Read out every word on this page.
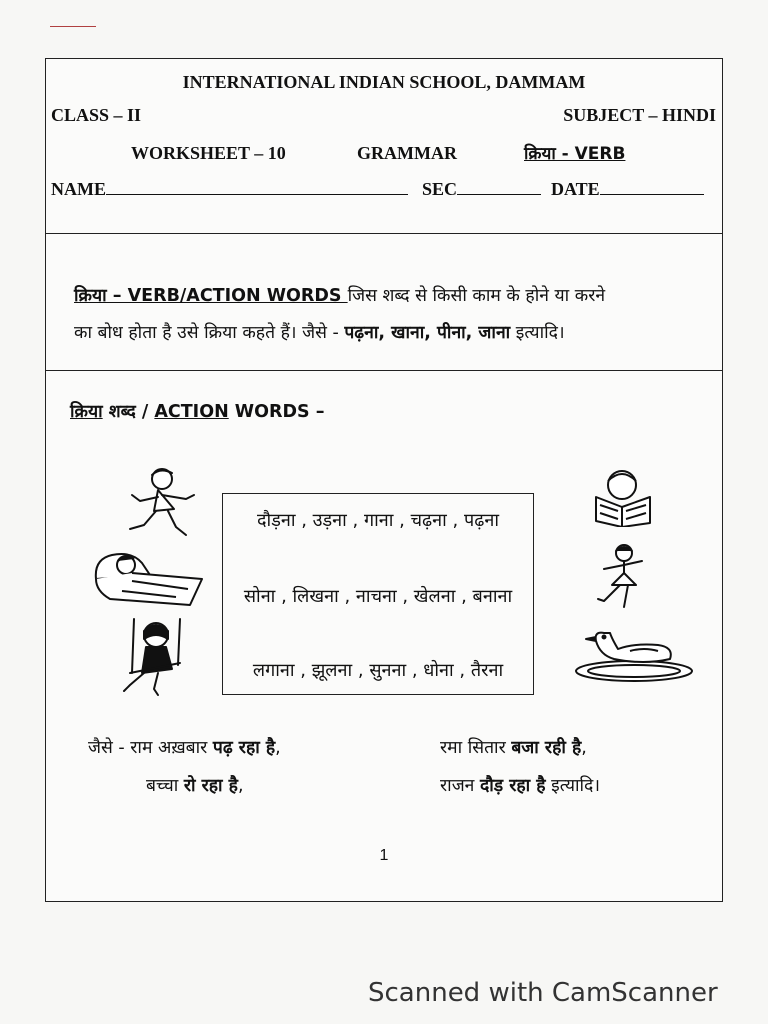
INTERNATIONAL INDIAN SCHOOL, DAMMAM
CLASS – II	SUBJECT – HINDI
WORKSHEET – 10	GRAMMAR	क्रिया - VERB
NAME	SEC	DATE
क्रिया – VERB/ACTION WORDS जिस शब्द से किसी काम के होने या करने
का बोध होता है उसे क्रिया कहते हैं। जैसे - पढ़ना, खाना, पीना, जाना इत्यादि।
क्रिया शब्द / ACTION WORDS –
दौड़ना , उड़ना , गाना , चढ़ना , पढ़ना
सोना , लिखना , नाचना , खेलना , बनाना
लगाना , झूलना , सुनना , धोना , तैरना
जैसे - राम अख़बार पढ़ रहा है,
बच्चा रो रहा है,
रमा सितार बजा रही है,
राजन दौड़ रहा है इत्यादि।
1
Scanned with CamScanner
